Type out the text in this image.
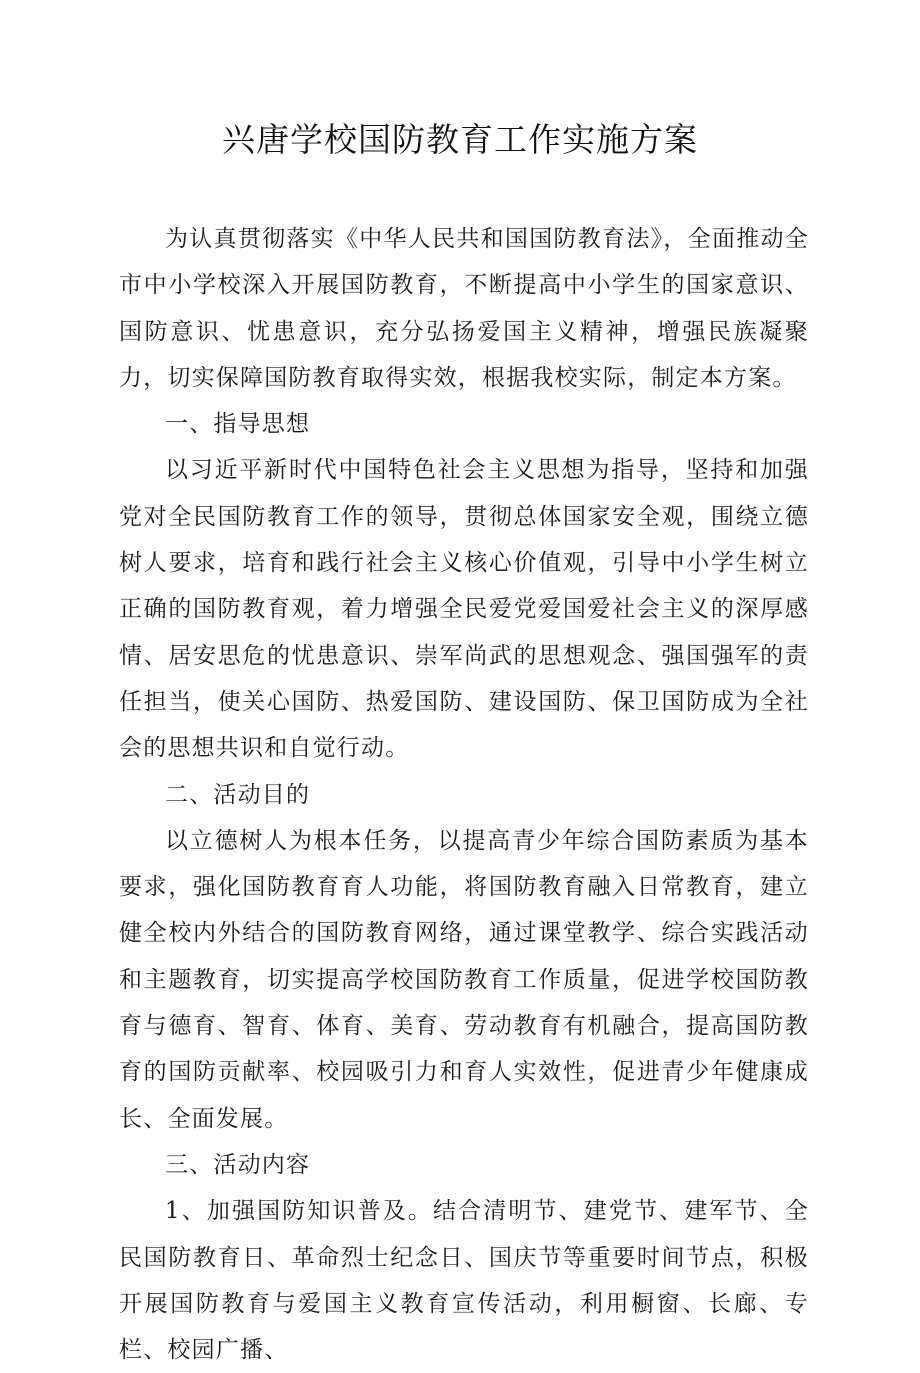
兴唐学校国防教育工作实施方案

为认真贯彻落实《中华人民共和国国防教育法》，全面推动全市中小学校深入开展国防教育，不断提高中小学生的国家意识、国防意识、忧患意识，充分弘扬爱国主义精神，增强民族凝聚力，切实保障国防教育取得实效，根据我校实际，制定本方案。

一、指导思想

以习近平新时代中国特色社会主义思想为指导，坚持和加强党对全民国防教育工作的领导，贯彻总体国家安全观，围绕立德树人要求，培育和践行社会主义核心价值观，引导中小学生树立正确的国防教育观，着力增强全民爱党爱国爱社会主义的深厚感情、居安思危的忧患意识、崇军尚武的思想观念、强国强军的责任担当，使关心国防、热爱国防、建设国防、保卫国防成为全社会的思想共识和自觉行动。

二、活动目的

以立德树人为根本任务，以提高青少年综合国防素质为基本要求，强化国防教育育人功能，将国防教育融入日常教育，建立健全校内外结合的国防教育网络，通过课堂教学、综合实践活动和主题教育，切实提高学校国防教育工作质量，促进学校国防教育与德育、智育、体育、美育、劳动教育有机融合，提高国防教育的国防贡献率、校园吸引力和育人实效性，促进青少年健康成长、全面发展。

三、活动内容

1、加强国防知识普及。结合清明节、建党节、建军节、全民国防教育日、革命烈士纪念日、国庆节等重要时间节点，积极开展国防教育与爱国主义教育宣传活动，利用橱窗、长廊、专栏、校园广播、
